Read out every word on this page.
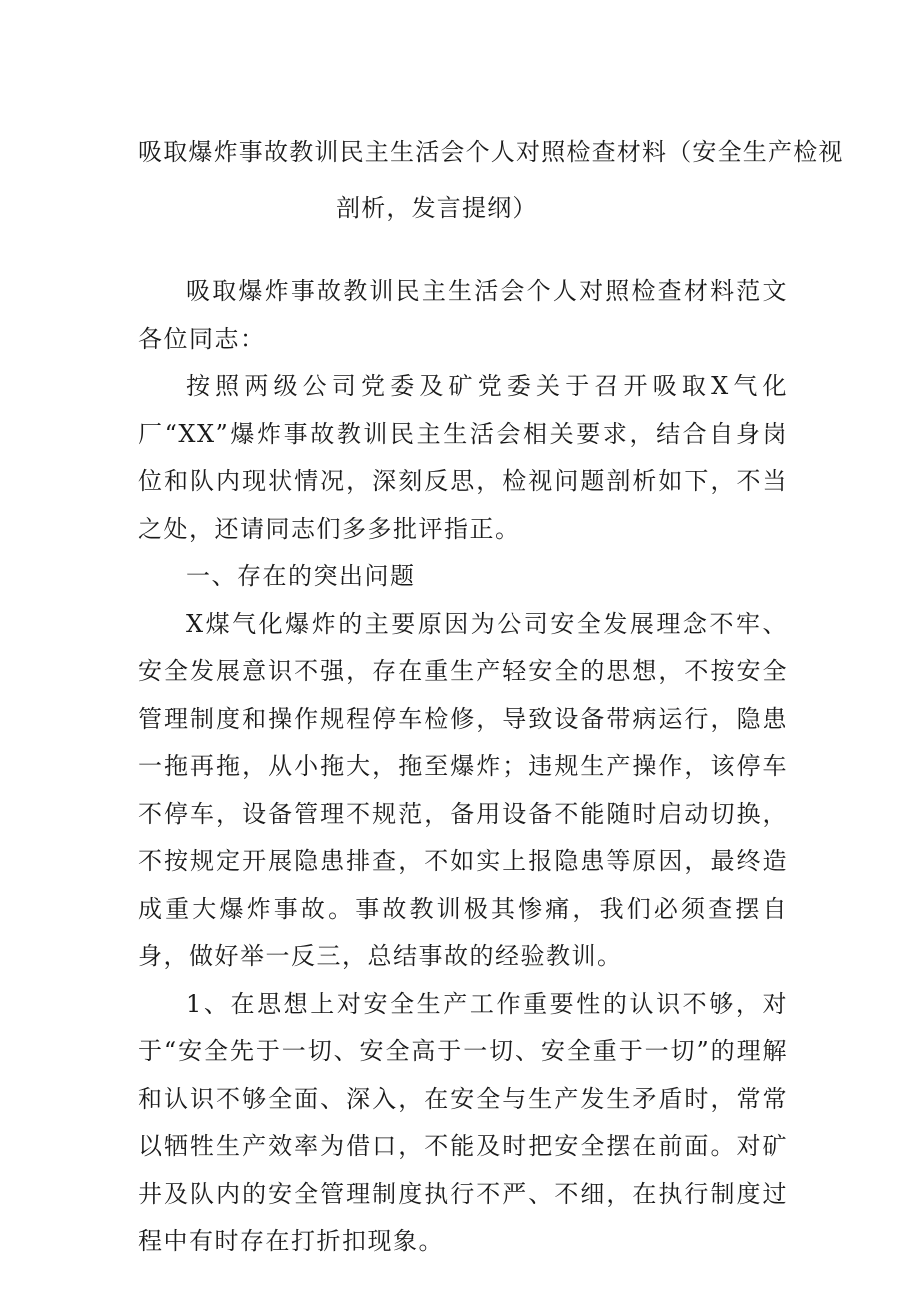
吸取爆炸事故教训民主生活会个人对照检查材料（安全生产检视
剖析，发言提纲）

吸取爆炸事故教训民主生活会个人对照检查材料范文各位同志：

按照两级公司党委及矿党委关于召开吸取X气化厂“XX”爆炸事故教训民主生活会相关要求，结合自身岗位和队内现状情况，深刻反思，检视问题剖析如下，不当之处，还请同志们多多批评指正。

一、存在的突出问题

X煤气化爆炸的主要原因为公司安全发展理念不牢、安全发展意识不强，存在重生产轻安全的思想，不按安全管理制度和操作规程停车检修，导致设备带病运行，隐患一拖再拖，从小拖大，拖至爆炸；违规生产操作，该停车不停车，设备管理不规范，备用设备不能随时启动切换，不按规定开展隐患排查，不如实上报隐患等原因，最终造成重大爆炸事故。事故教训极其惨痛，我们必须查摆自身，做好举一反三，总结事故的经验教训。

1、在思想上对安全生产工作重要性的认识不够，对于“安全先于一切、安全高于一切、安全重于一切”的理解和认识不够全面、深入，在安全与生产发生矛盾时，常常以牺牲生产效率为借口，不能及时把安全摆在前面。对矿井及队内的安全管理制度执行不严、不细，在执行制度过程中有时存在打折扣现象。
